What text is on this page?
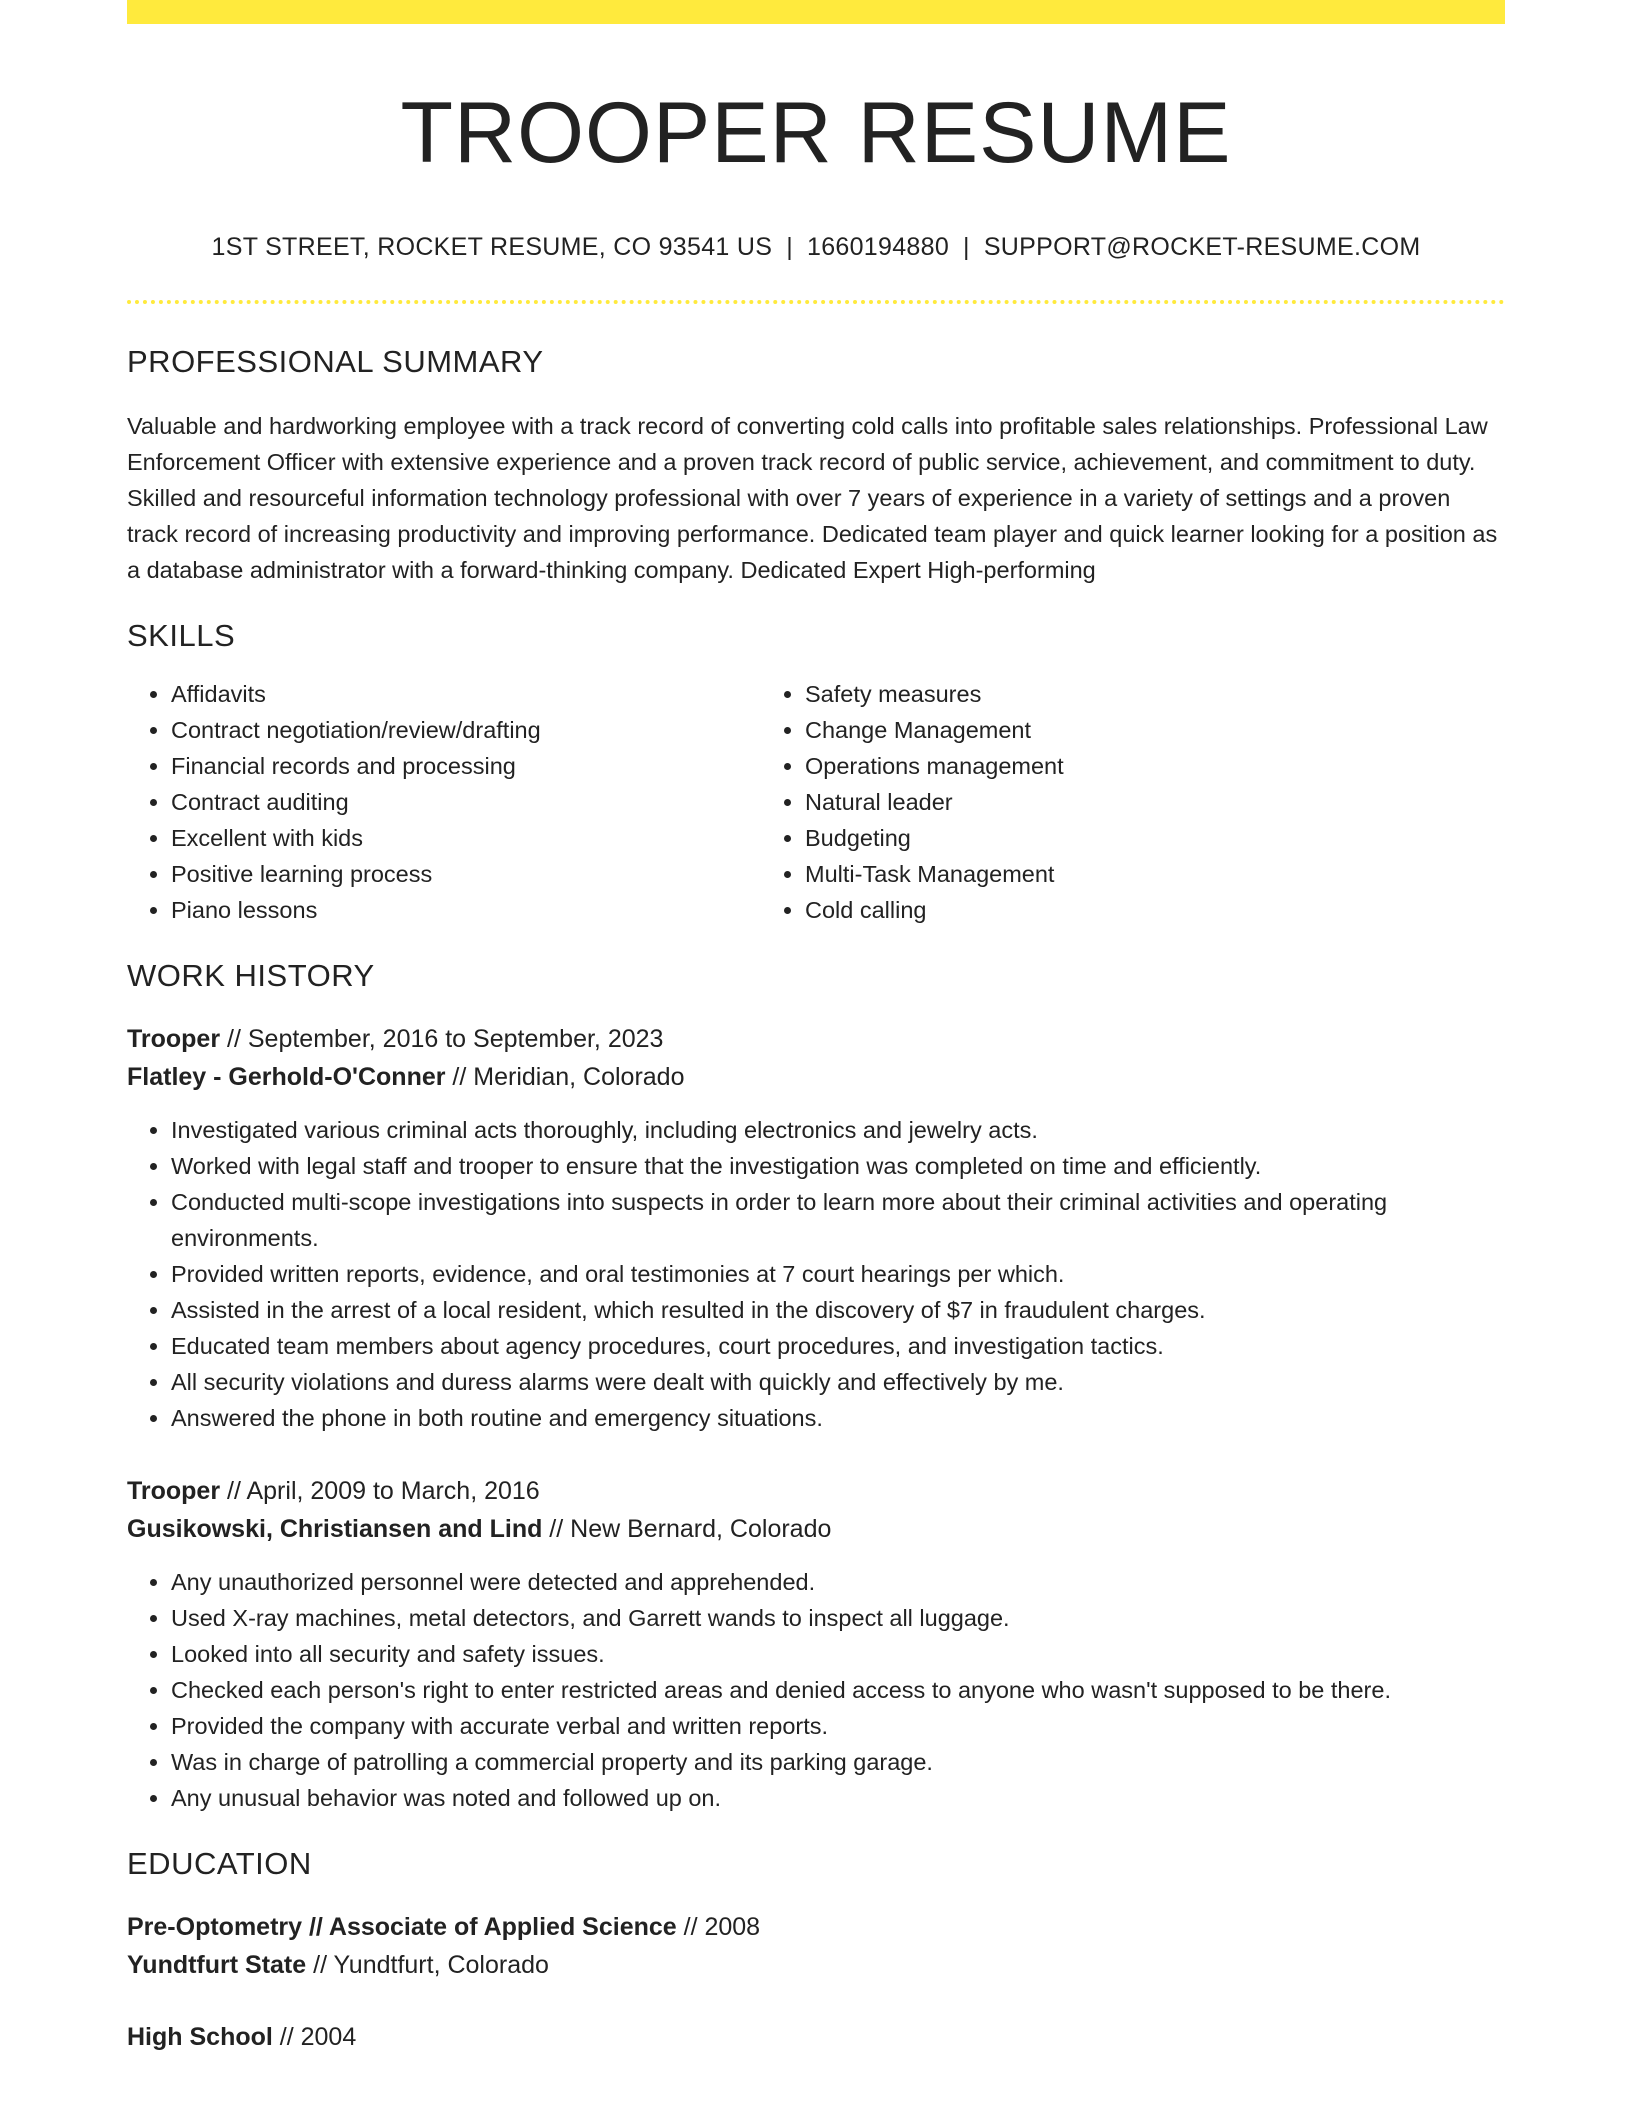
TROOPER RESUME
1ST STREET, ROCKET RESUME, CO 93541 US | 1660194880 | SUPPORT@ROCKET-RESUME.COM
PROFESSIONAL SUMMARY

Valuable and hardworking employee with a track record of converting cold calls into profitable sales relationships. Professional Law Enforcement Officer with extensive experience and a proven track record of public service, achievement, and commitment to duty. Skilled and resourceful information technology professional with over 7 years of experience in a variety of settings and a proven track record of increasing productivity and improving performance. Dedicated team player and quick learner looking for a position as a database administrator with a forward-thinking company. Dedicated Expert High-performing

SKILLS
• Affidavits
• Contract negotiation/review/drafting
• Financial records and processing
• Contract auditing
• Excellent with kids
• Positive learning process
• Piano lessons
• Safety measures
• Change Management
• Operations management
• Natural leader
• Budgeting
• Multi-Task Management
• Cold calling
WORK HISTORY
Trooper // September, 2016 to September, 2023
Flatley - Gerhold-O'Conner // Meridian, Colorado
• Investigated various criminal acts thoroughly, including electronics and jewelry acts.
• Worked with legal staff and trooper to ensure that the investigation was completed on time and efficiently.
• Conducted multi-scope investigations into suspects in order to learn more about their criminal activities and operating environments.
• Provided written reports, evidence, and oral testimonies at 7 court hearings per which.
• Assisted in the arrest of a local resident, which resulted in the discovery of $7 in fraudulent charges.
• Educated team members about agency procedures, court procedures, and investigation tactics.
• All security violations and duress alarms were dealt with quickly and effectively by me.
• Answered the phone in both routine and emergency situations.
Trooper // April, 2009 to March, 2016
Gusikowski, Christiansen and Lind // New Bernard, Colorado
• Any unauthorized personnel were detected and apprehended.
• Used X-ray machines, metal detectors, and Garrett wands to inspect all luggage.
• Looked into all security and safety issues.
• Checked each person's right to enter restricted areas and denied access to anyone who wasn't supposed to be there.
• Provided the company with accurate verbal and written reports.
• Was in charge of patrolling a commercial property and its parking garage.
• Any unusual behavior was noted and followed up on.
EDUCATION
Pre-Optometry // Associate of Applied Science // 2008
Yundtfurt State // Yundtfurt, Colorado
High School // 2004
